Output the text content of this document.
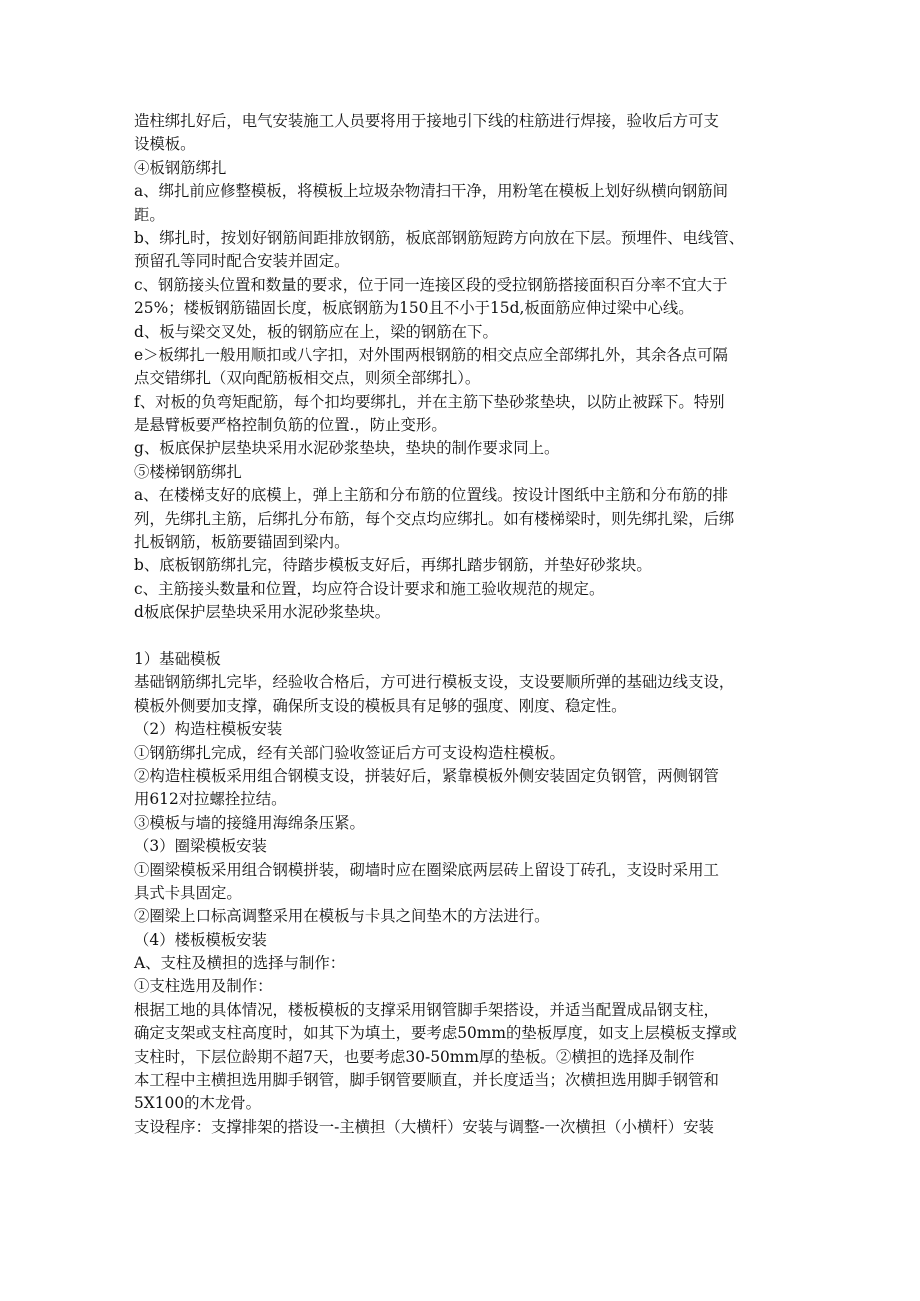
造柱绑扎好后，电气安装施工人员要将用于接地引下线的柱筋进行焊接，验收后方可支
设模板。
④板钢筋绑扎
a、绑扎前应修整模板，将模板上垃圾杂物清扫干净，用粉笔在模板上划好纵横向钢筋间
距。
b、绑扎时，按划好钢筋间距排放钢筋，板底部钢筋短跨方向放在下层。预埋件、电线管、
预留孔等同时配合安装并固定。
c、钢筋接头位置和数量的要求，位于同一连接区段的受拉钢筋搭接面积百分率不宜大于
25%；楼板钢筋锚固长度，板底钢筋为150且不小于15d,板面筋应伸过梁中心线。
d、板与梁交叉处，板的钢筋应在上，梁的钢筋在下。
e＞板绑扎一般用顺扣或八字扣，对外围两根钢筋的相交点应全部绑扎外，其余各点可隔
点交错绑扎（双向配筋板相交点，则须全部绑扎）。
f、对板的负弯矩配筋，每个扣均要绑扎，并在主筋下垫砂浆垫块，以防止被踩下。特别
是悬臂板要严格控制负筋的位置.，防止变形。
g、板底保护层垫块采用水泥砂浆垫块，垫块的制作要求同上。
⑤楼梯钢筋绑扎
a、在楼梯支好的底模上，弹上主筋和分布筋的位置线。按设计图纸中主筋和分布筋的排
列，先绑扎主筋，后绑扎分布筋，每个交点均应绑扎。如有楼梯梁时，则先绑扎梁，后绑
扎板钢筋，板筋要锚固到梁内。
b、底板钢筋绑扎完，待踏步模板支好后，再绑扎踏步钢筋，并垫好砂浆块。
c、主筋接头数量和位置，均应符合设计要求和施工验收规范的规定。
d板底保护层垫块采用水泥砂浆垫块。
1）基础模板
基础钢筋绑扎完毕，经验收合格后，方可进行模板支设，支设要顺所弹的基础边线支设，
模板外侧要加支撑，确保所支设的模板具有足够的强度、刚度、稳定性。
（2）构造柱模板安装
①钢筋绑扎完成，经有关部门验收签证后方可支设构造柱模板。
②构造柱模板采用组合钢模支设，拼装好后，紧靠模板外侧安装固定负钢管，两侧钢管
用612对拉螺拴拉结。
③模板与墙的接缝用海绵条压紧。
（3）圈梁模板安装
①圈梁模板采用组合钢模拼装，砌墙时应在圈梁底两层砖上留设丁砖孔，支设时采用工
具式卡具固定。
②圈梁上口标高调整采用在模板与卡具之间垫木的方法进行。
（4）楼板模板安装
A、支柱及横担的选择与制作：
①支柱选用及制作：
根据工地的具体情况，楼板模板的支撑采用钢管脚手架搭设，并适当配置成品钢支柱，
确定支架或支柱高度时，如其下为填土，要考虑50mm的垫板厚度，如支上层模板支撑或
支柱时，下层位龄期不超7天，也要考虑30-50mm厚的垫板。②横担的选择及制作
本工程中主横担选用脚手钢管，脚手钢管要顺直，并长度适当；次横担选用脚手钢管和
5X100的木龙骨。
支设程序：支撑排架的搭设一-主横担（大横杆）安装与调整-一次横担（小横杆）安装
